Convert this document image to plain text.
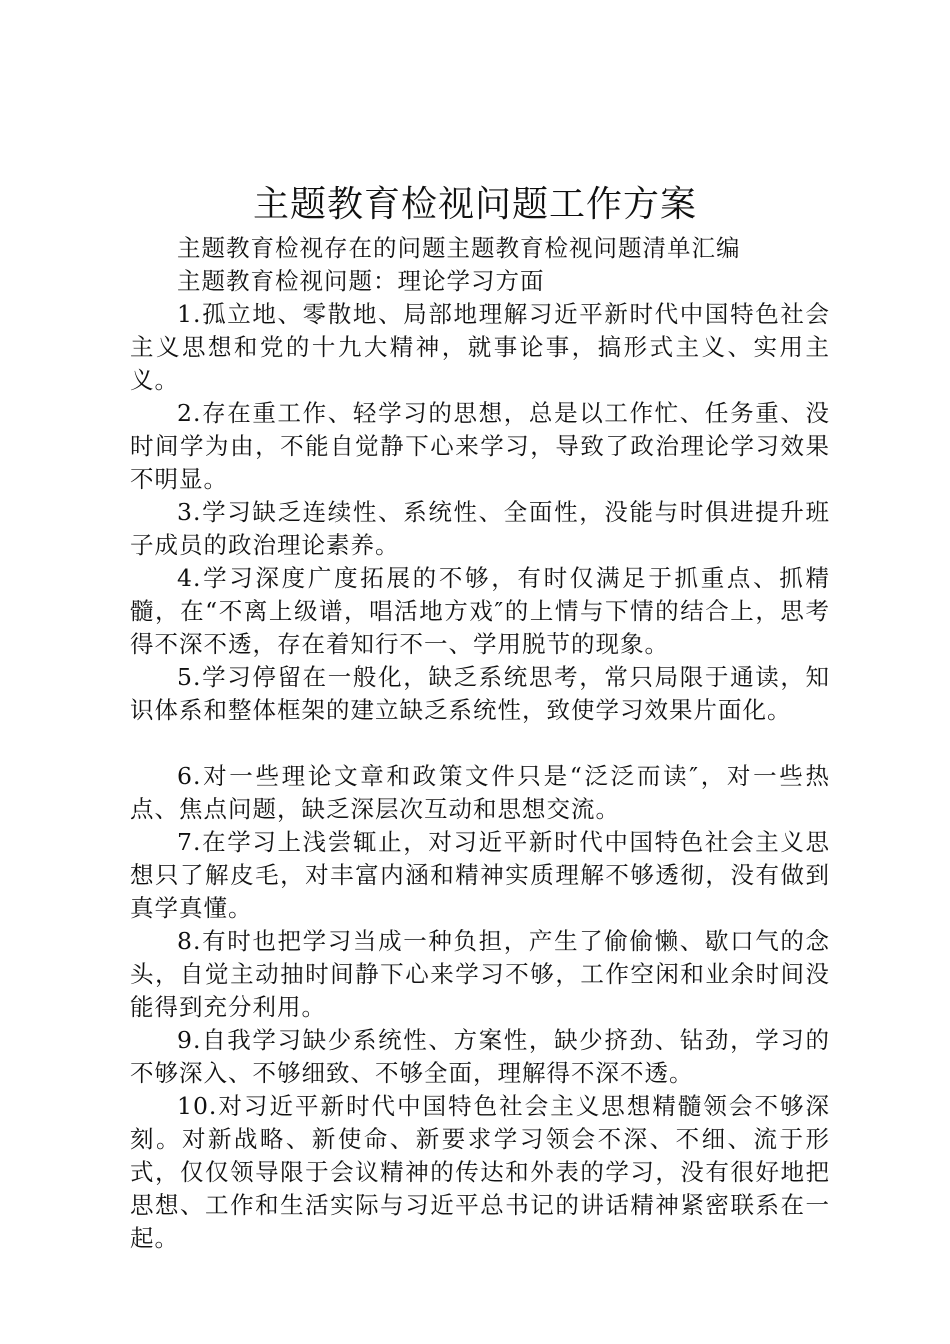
主题教育检视问题工作方案

主题教育检视存在的问题主题教育检视问题清单汇编

主题教育检视问题：理论学习方面

1.孤立地、零散地、局部地理解习近平新时代中国特色社会主义思想和党的十九大精神，就事论事，搞形式主义、实用主义。

2.存在重工作、轻学习的思想，总是以工作忙、任务重、没时间学为由，不能自觉静下心来学习，导致了政治理论学习效果不明显。

3.学习缺乏连续性、系统性、全面性，没能与时俱进提升班子成员的政治理论素养。

4.学习深度广度拓展的不够，有时仅满足于抓重点、抓精髓，在“不离上级谱，唱活地方戏″的上情与下情的结合上，思考得不深不透，存在着知行不一、学用脱节的现象。

5.学习停留在一般化，缺乏系统思考，常只局限于通读，知识体系和整体框架的建立缺乏系统性，致使学习效果片面化。

6.对一些理论文章和政策文件只是“泛泛而读″，对一些热点、焦点问题，缺乏深层次互动和思想交流。

7.在学习上浅尝辄止，对习近平新时代中国特色社会主义思想只了解皮毛，对丰富内涵和精神实质理解不够透彻，没有做到真学真懂。

8.有时也把学习当成一种负担，产生了偷偷懒、歇口气的念头，自觉主动抽时间静下心来学习不够，工作空闲和业余时间没能得到充分利用。

9.自我学习缺少系统性、方案性，缺少挤劲、钻劲，学习的不够深入、不够细致、不够全面，理解得不深不透。

10.对习近平新时代中国特色社会主义思想精髓领会不够深刻。对新战略、新使命、新要求学习领会不深、不细、流于形式，仅仅领导限于会议精神的传达和外表的学习，没有很好地把思想、工作和生活实际与习近平总书记的讲话精神紧密联系在一起。
